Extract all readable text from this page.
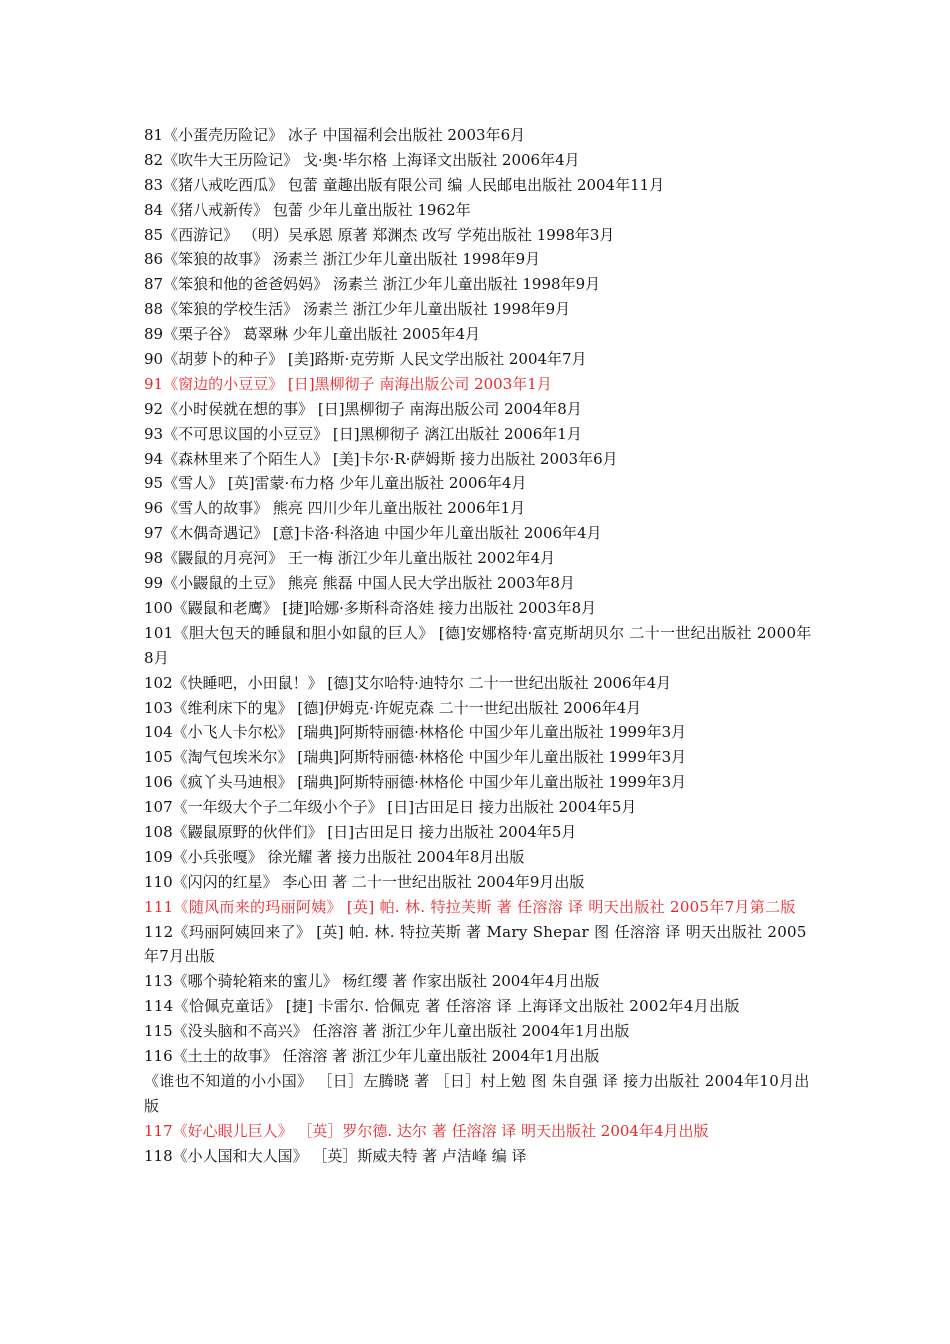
81《小蛋壳历险记》 冰子 中国福利会出版社 2003年6月
82《吹牛大王历险记》 戈·奥·毕尔格 上海译文出版社 2006年4月
83《猪八戒吃西瓜》 包蕾 童趣出版有限公司 编 人民邮电出版社 2004年11月
84《猪八戒新传》 包蕾 少年儿童出版社 1962年
85《西游记》 （明）吴承恩 原著 郑渊杰 改写 学苑出版社 1998年3月
86《笨狼的故事》 汤素兰 浙江少年儿童出版社 1998年9月
87《笨狼和他的爸爸妈妈》 汤素兰 浙江少年儿童出版社 1998年9月
88《笨狼的学校生活》 汤素兰 浙江少年儿童出版社 1998年9月
89《栗子谷》 葛翠琳 少年儿童出版社 2005年4月
90《胡萝卜的种子》 [美]路斯·克劳斯 人民文学出版社 2004年7月
91《窗边的小豆豆》 [日]黑柳彻子 南海出版公司 2003年1月
92《小时侯就在想的事》 [日]黑柳彻子 南海出版公司 2004年8月
93《不可思议国的小豆豆》 [日]黑柳彻子 漓江出版社 2006年1月
94《森林里来了个陌生人》 [美]卡尔·R·萨姆斯 接力出版社 2003年6月
95《雪人》 [英]雷蒙·布力格 少年儿童出版社 2006年4月
96《雪人的故事》 熊亮 四川少年儿童出版社 2006年1月
97《木偶奇遇记》 [意]卡洛·科洛迪 中国少年儿童出版社 2006年4月
98《鼹鼠的月亮河》 王一梅 浙江少年儿童出版社 2002年4月
99《小鼹鼠的土豆》 熊亮 熊磊 中国人民大学出版社 2003年8月
100《鼹鼠和老鹰》 [捷]哈娜·多斯科奇洛娃 接力出版社 2003年8月
101《胆大包天的睡鼠和胆小如鼠的巨人》 [德]安娜格特·富克斯胡贝尔 二十一世纪出版社 2000年8月
102《快睡吧，小田鼠！》 [德]艾尔哈特·迪特尔 二十一世纪出版社 2006年4月
103《维利床下的鬼》 [德]伊姆克·许妮克森 二十一世纪出版社 2006年4月
104《小飞人卡尔松》 [瑞典]阿斯特丽德·林格伦 中国少年儿童出版社 1999年3月
105《淘气包埃米尔》 [瑞典]阿斯特丽德·林格伦 中国少年儿童出版社 1999年3月
106《疯丫头马迪根》 [瑞典]阿斯特丽德·林格伦 中国少年儿童出版社 1999年3月
107《一年级大个子二年级小个子》 [日]古田足日 接力出版社 2004年5月
108《鼹鼠原野的伙伴们》 [日]古田足日 接力出版社 2004年5月
109《小兵张嘎》 徐光耀 著 接力出版社 2004年8月出版
110《闪闪的红星》 李心田 著 二十一世纪出版社 2004年9月出版
111《随风而来的玛丽阿姨》 [英] 帕. 林. 特拉芙斯 著 任溶溶 译 明天出版社 2005年7月第二版
112《玛丽阿姨回来了》 [英] 帕. 林. 特拉芙斯 著 Mary Shepar 图 任溶溶 译 明天出版社 2005年7月出版
113《哪个骑轮箱来的蜜儿》 杨红缨 著 作家出版社 2004年4月出版
114《恰佩克童话》 [捷] 卡雷尔. 恰佩克 著 任溶溶 译 上海译文出版社 2002年4月出版
115《没头脑和不高兴》 任溶溶 著 浙江少年儿童出版社 2004年1月出版
116《土土的故事》 任溶溶 著 浙江少年儿童出版社 2004年1月出版
《谁也不知道的小小国》 ［日］左腾晓 著 ［日］村上勉 图 朱自强 译 接力出版社 2004年10月出版
117《好心眼儿巨人》 ［英］罗尔德. 达尔 著 任溶溶 译 明天出版社 2004年4月出版
118《小人国和大人国》 ［英］斯威夫特 著 卢洁峰 编 译
